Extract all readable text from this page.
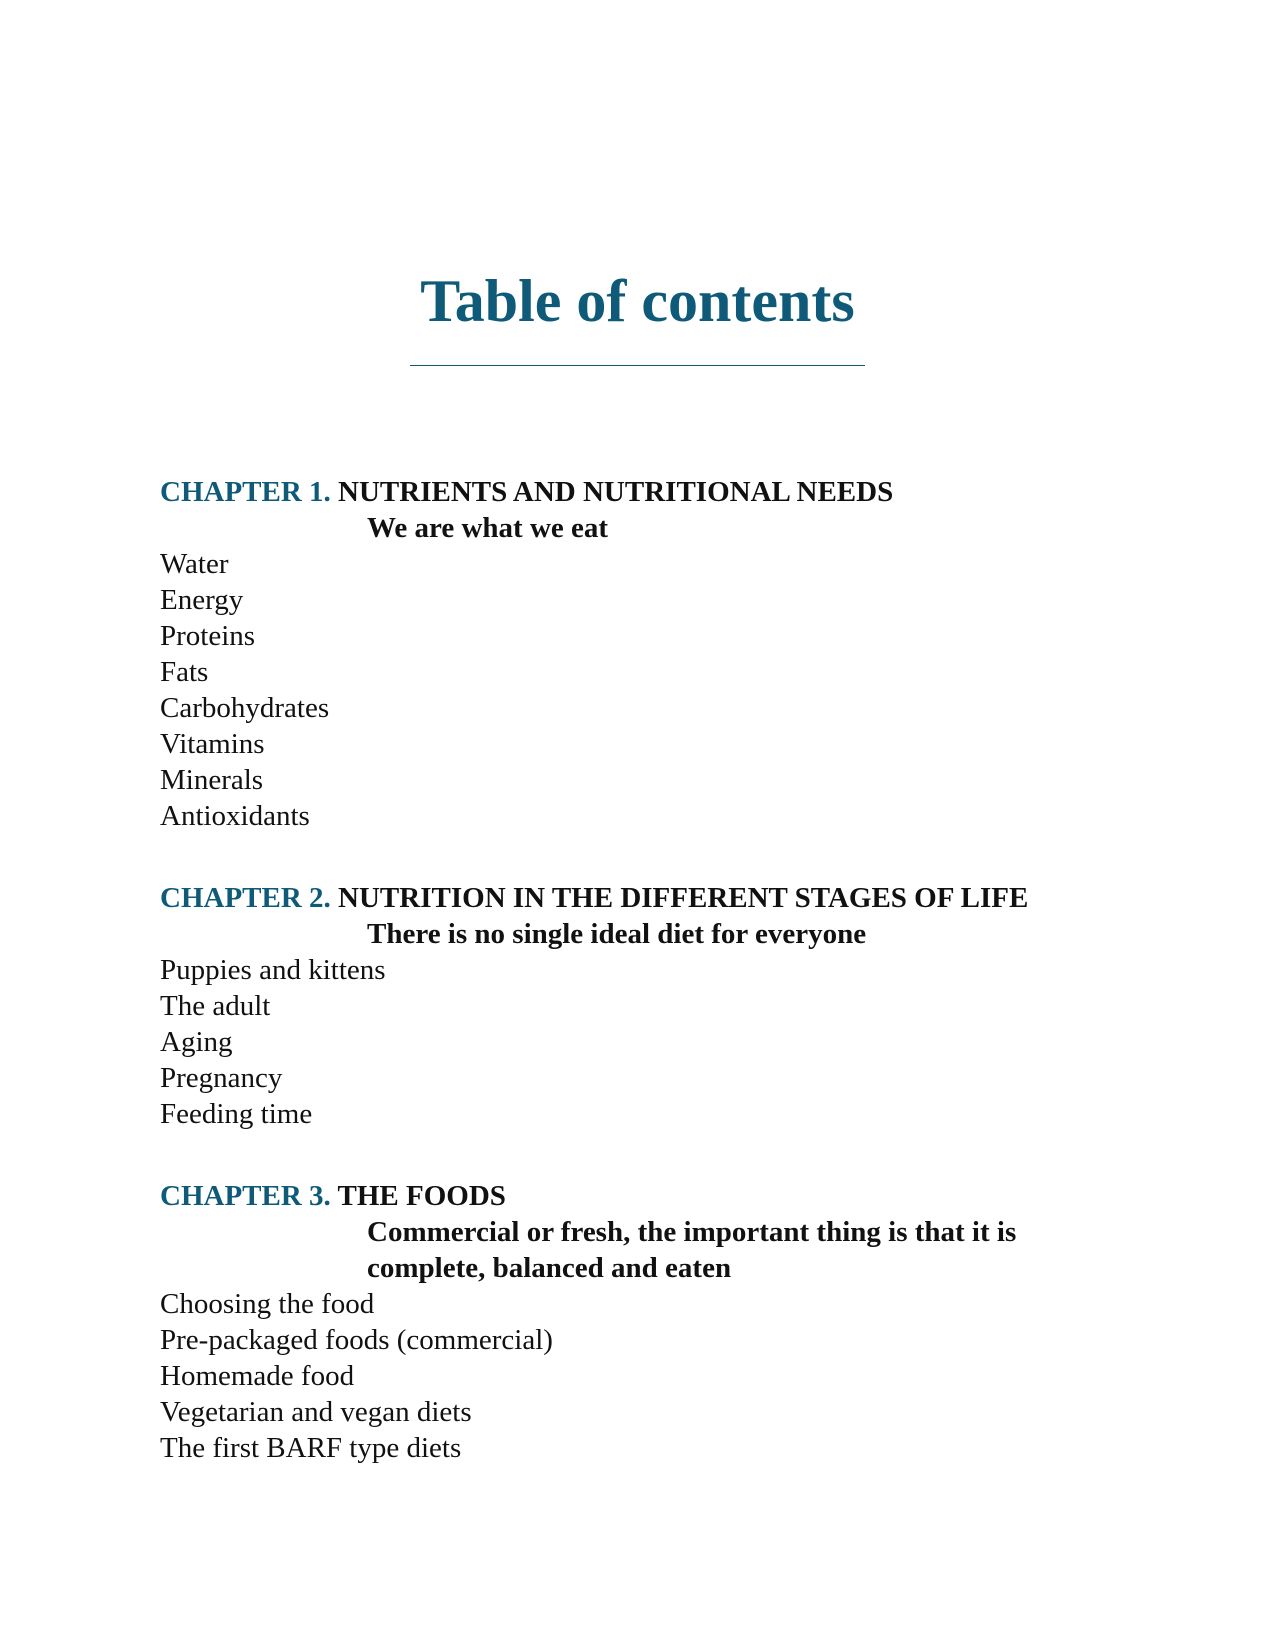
Table of contents
CHAPTER 1. NUTRIENTS AND NUTRITIONAL NEEDS
We are what we eat
Water
Energy
Proteins
Fats
Carbohydrates
Vitamins
Minerals
Antioxidants
CHAPTER 2. NUTRITION IN THE DIFFERENT STAGES OF LIFE
There is no single ideal diet for everyone
Puppies and kittens
The adult
Aging
Pregnancy
Feeding time
CHAPTER 3. THE FOODS
Commercial or fresh, the important thing is that it is complete, balanced and eaten
Choosing the food
Pre-packaged foods (commercial)
Homemade food
Vegetarian and vegan diets
The first BARF type diets
